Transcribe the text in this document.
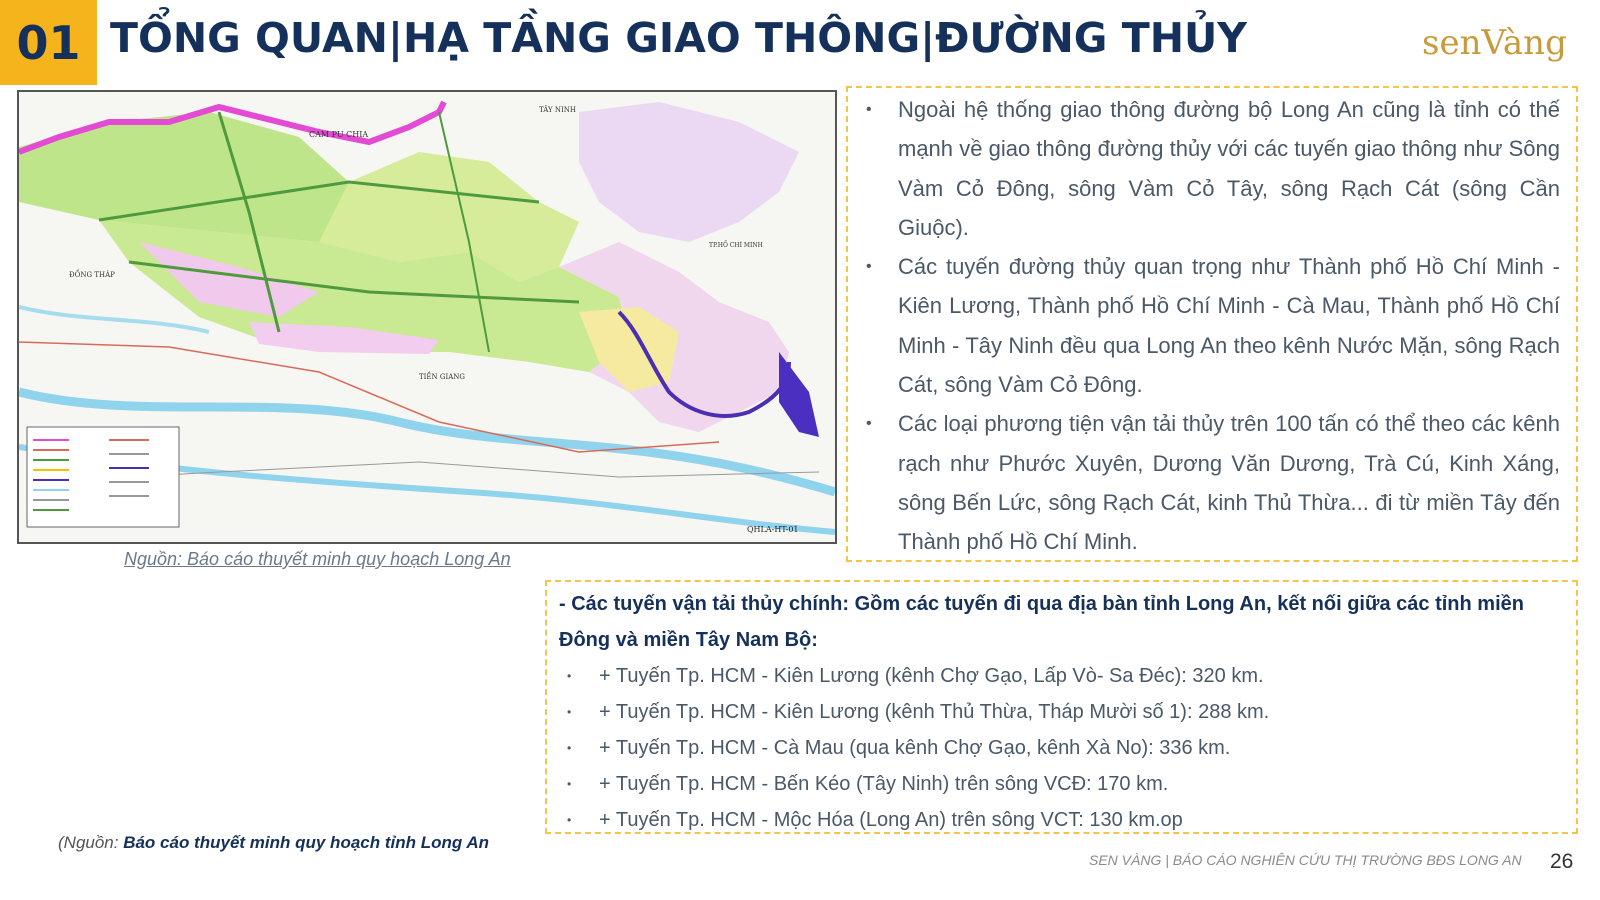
01 TỔNG QUAN|HẠ TẦNG GIAO THÔNG|ĐƯỜNG THỦY	senVàng
CAM PU CHIA
TÂY NINH
ĐỒNG THÁP
TIỀN GIANG
TP.HỒ CHÍ MINH
QHLA-HT-01
Nguồn: Báo cáo thuyết minh quy hoạch Long An
• Ngoài hệ thống giao thông đường bộ Long An cũng là tỉnh có thế mạnh về giao thông đường thủy với các tuyến giao thông như Sông Vàm Cỏ Đông, sông Vàm Cỏ Tây, sông Rạch Cát (sông Cần Giuộc).
• Các tuyến đường thủy quan trọng như Thành phố Hồ Chí Minh - Kiên Lương, Thành phố Hồ Chí Minh - Cà Mau, Thành phố Hồ Chí Minh - Tây Ninh đều qua Long An theo kênh Nước Mặn, sông Rạch Cát, sông Vàm Cỏ Đông.
• Các loại phương tiện vận tải thủy trên 100 tấn có thể theo các kênh rạch như Phước Xuyên, Dương Văn Dương, Trà Cú, Kinh Xáng, sông Bến Lức, sông Rạch Cát, kinh Thủ Thừa... đi từ miền Tây đến Thành phố Hồ Chí Minh.

- Các tuyến vận tải thủy chính: Gồm các tuyến đi qua địa bàn tỉnh Long An, kết nối giữa các tỉnh miền Đông và miền Tây Nam Bộ:

• + Tuyến Tp. HCM - Kiên Lương (kênh Chợ Gạo, Lấp Vò- Sa Đéc): 320 km.
• + Tuyến Tp. HCM - Kiên Lương (kênh Thủ Thừa, Tháp Mười số 1): 288 km.
• + Tuyến Tp. HCM - Cà Mau (qua kênh Chợ Gạo, kênh Xà No): 336 km.
• + Tuyến Tp. HCM - Bến Kéo (Tây Ninh) trên sông VCĐ: 170 km.
• + Tuyến Tp. HCM - Mộc Hóa (Long An) trên sông VCT: 130 km.op
(Nguồn: Báo cáo thuyết minh quy hoạch tỉnh Long An
SEN VÀNG | BÁO CÁO NGHIÊN CỨU THỊ TRƯỜNG BĐS LONG AN 26
